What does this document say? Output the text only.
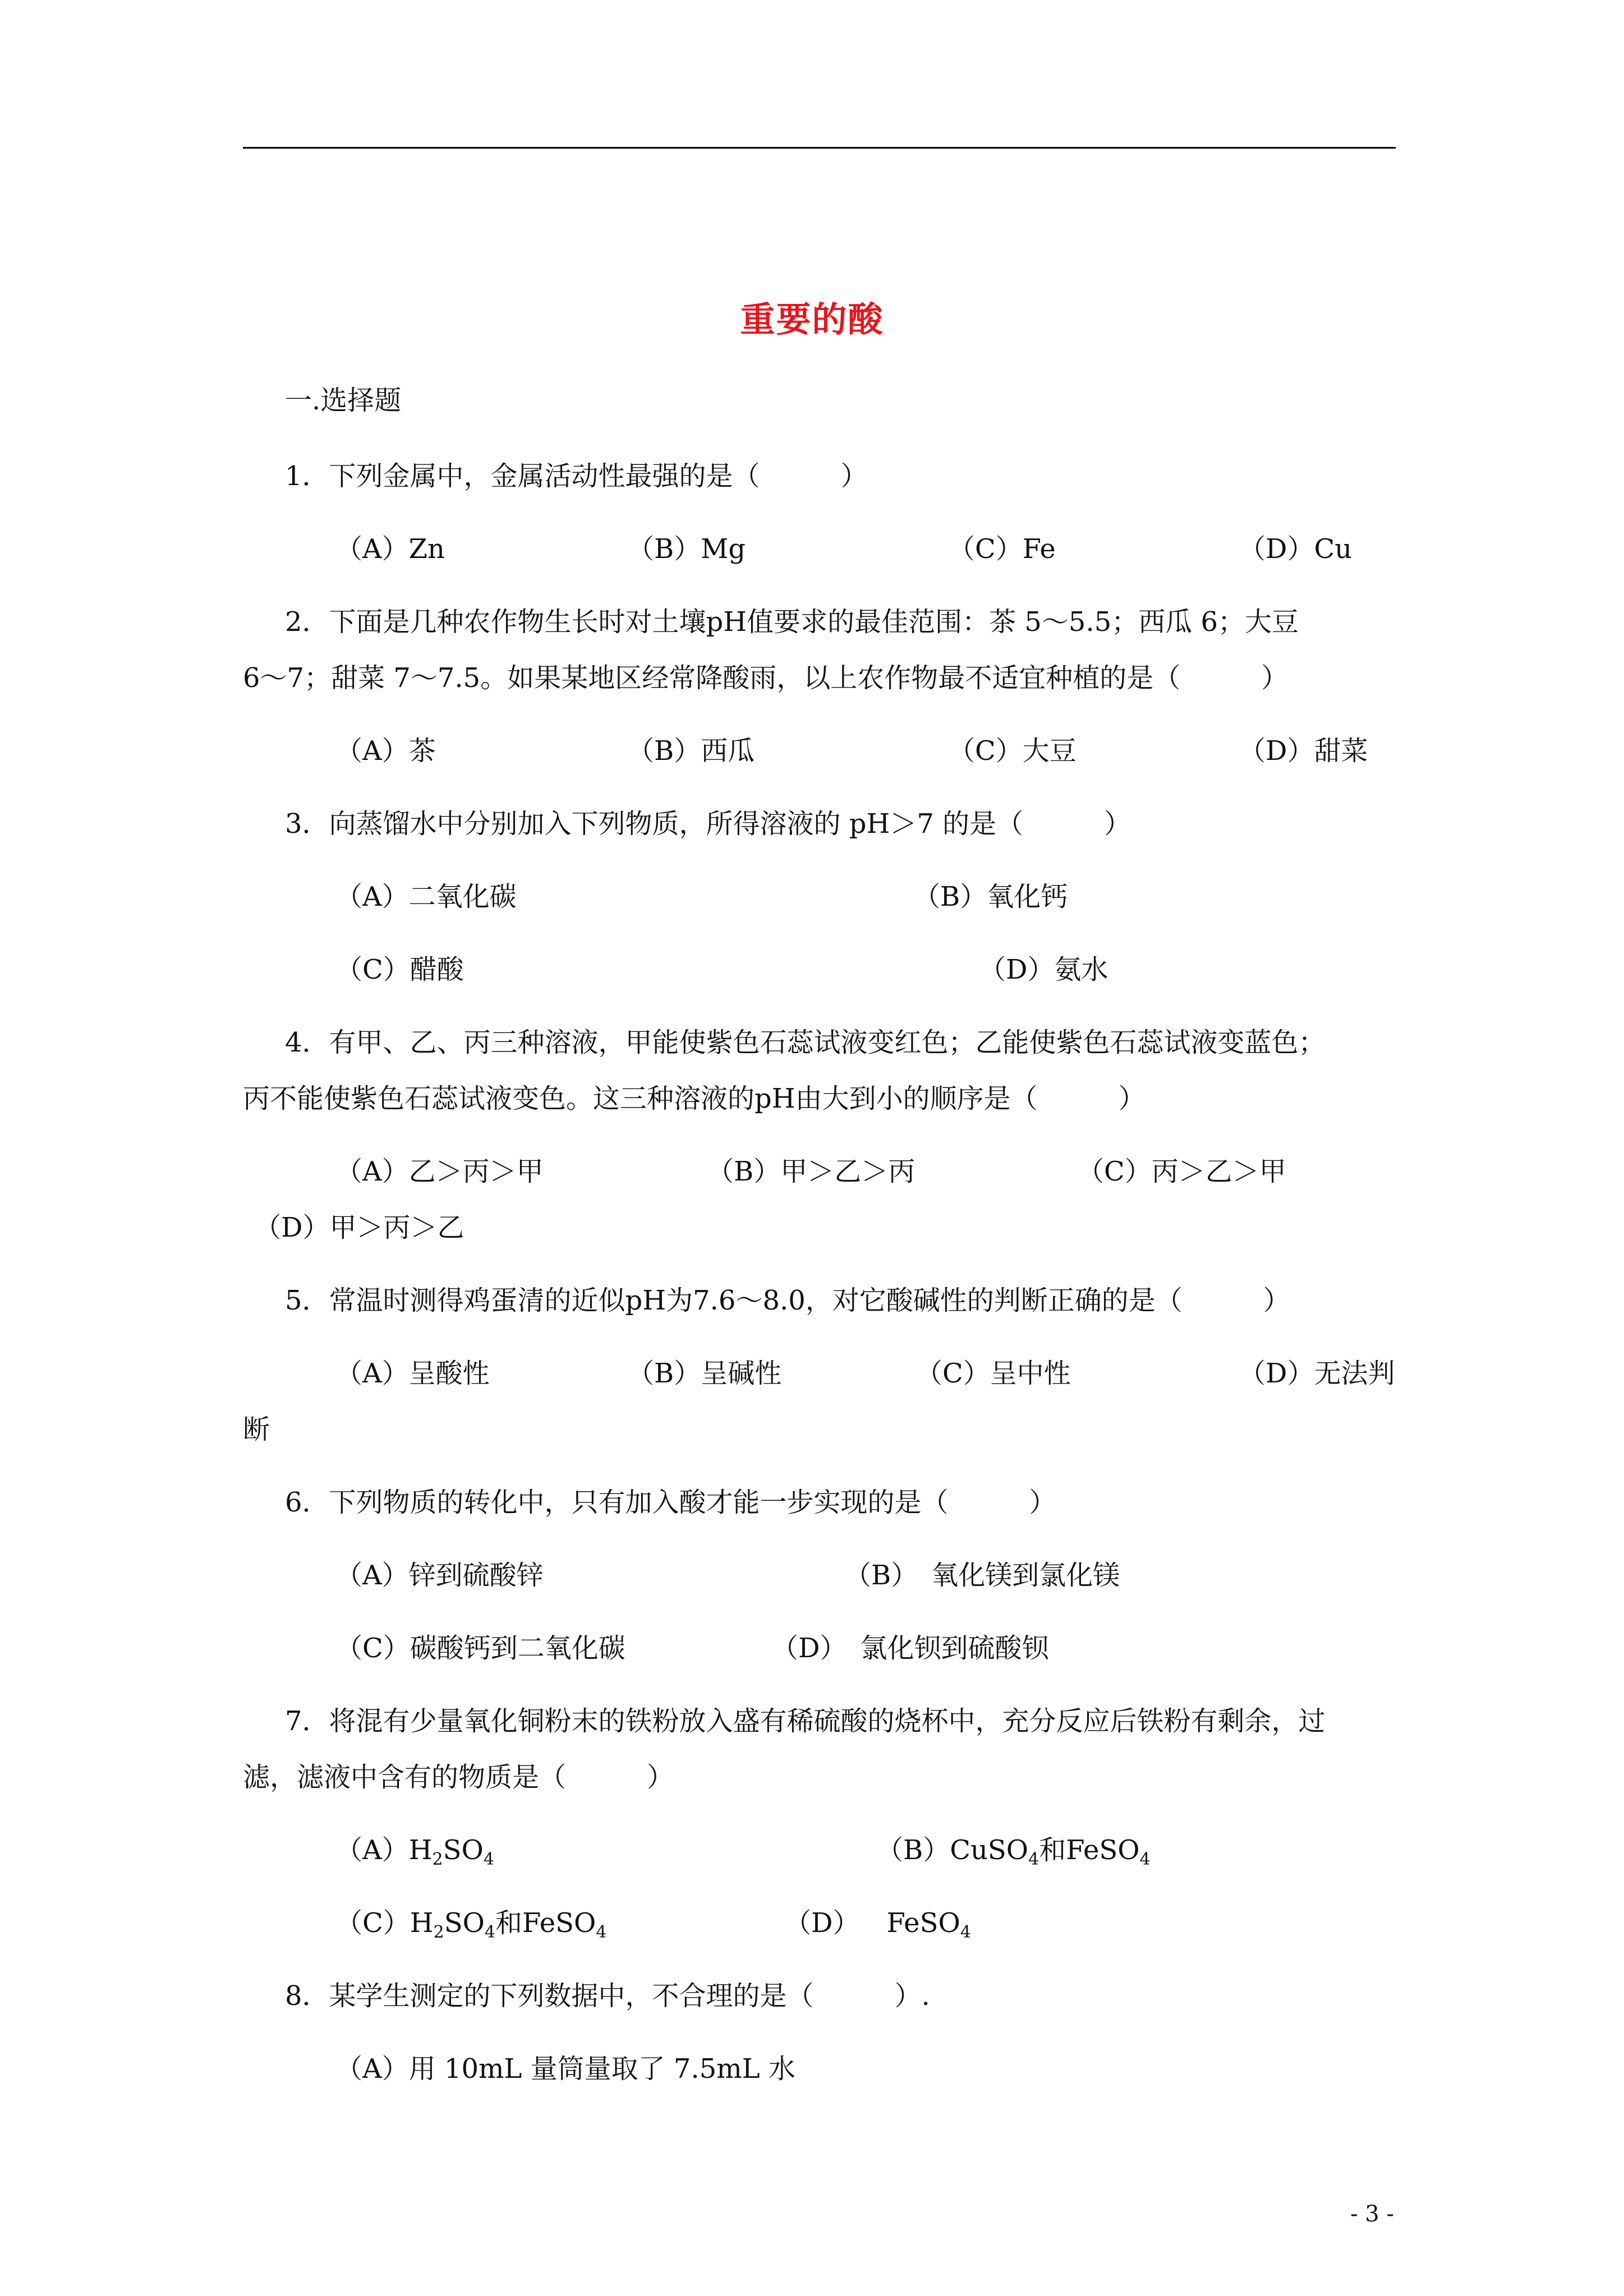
重要的酸
一.选择题
1．下列金属中，金属活动性最强的是（　　　）
（A）Zn	（B）Mg	（C）Fe	（D）Cu
2．下面是几种农作物生长时对土壤pH值要求的最佳范围：茶 5～5.5；西瓜 6；大豆
6～7；甜菜 7～7.5。如果某地区经常降酸雨，以上农作物最不适宜种植的是（　　　）
（A）茶	（B）西瓜	（C）大豆	（D）甜菜
3．向蒸馏水中分别加入下列物质，所得溶液的 pH＞7 的是（　　　）
（A）二氧化碳	（B）氧化钙
（C）醋酸	（D）氨水
4．有甲、乙、丙三种溶液，甲能使紫色石蕊试液变红色；乙能使紫色石蕊试液变蓝色；
丙不能使紫色石蕊试液变色。这三种溶液的pH由大到小的顺序是（　　　）
（A）乙＞丙＞甲	（B）甲＞乙＞丙	（C）丙＞乙＞甲
（D）甲＞丙＞乙
5．常温时测得鸡蛋清的近似pH为7.6～8.0，对它酸碱性的判断正确的是（　　　）
（A）呈酸性	（B）呈碱性	（C）呈中性	（D）无法判
断
6．下列物质的转化中，只有加入酸才能一步实现的是（　　　）
（A）锌到硫酸锌	（B）　氧化镁到氯化镁
（C）碳酸钙到二氧化碳	（D）　氯化钡到硫酸钡
7．将混有少量氧化铜粉末的铁粉放入盛有稀硫酸的烧杯中，充分反应后铁粉有剩余，过
滤，滤液中含有的物质是（　　　）
$(A)H_2SO_4$	（B）CuSO$_4$和FeSO$_4$
$(C)H_2SO_4$和FeSO$_4$	（D）  FeSO$_4$
8．某学生测定的下列数据中，不合理的是（　　　）.
（A）用 10mL 量筒量取了 7.5mL 水
- 3 -
